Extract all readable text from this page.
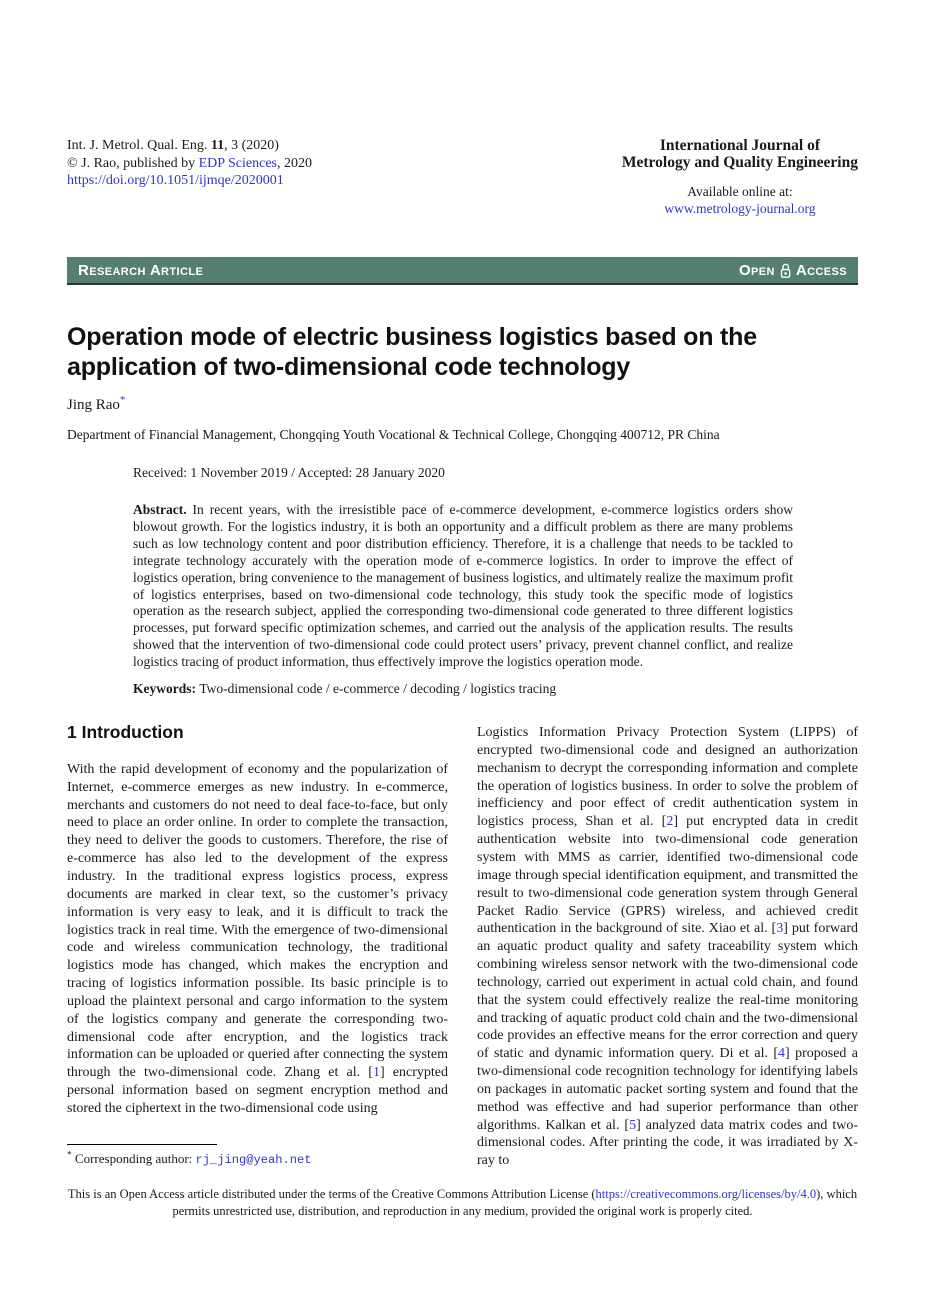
Int. J. Metrol. Qual. Eng. 11, 3 (2020)
© J. Rao, published by EDP Sciences, 2020
https://doi.org/10.1051/ijmqe/2020001
International Journal of
Metrology and Quality Engineering
Available online at:
www.metrology-journal.org
Research Article	Open Access
Operation mode of electric business logistics based on the application of two-dimensional code technology
Jing Rao*
Department of Financial Management, Chongqing Youth Vocational & Technical College, Chongqing 400712, PR China
Received: 1 November 2019 / Accepted: 28 January 2020
Abstract. In recent years, with the irresistible pace of e-commerce development, e-commerce logistics orders show blowout growth. For the logistics industry, it is both an opportunity and a difficult problem as there are many problems such as low technology content and poor distribution efficiency. Therefore, it is a challenge that needs to be tackled to integrate technology accurately with the operation mode of e-commerce logistics. In order to improve the effect of logistics operation, bring convenience to the management of business logistics, and ultimately realize the maximum profit of logistics enterprises, based on two-dimensional code technology, this study took the specific mode of logistics operation as the research subject, applied the corresponding two-dimensional code generated to three different logistics processes, put forward specific optimization schemes, and carried out the analysis of the application results. The results showed that the intervention of two-dimensional code could protect users’ privacy, prevent channel conflict, and realize logistics tracing of product information, thus effectively improve the logistics operation mode.
Keywords: Two-dimensional code / e-commerce / decoding / logistics tracing
1 Introduction
With the rapid development of economy and the popularization of Internet, e-commerce emerges as new industry. In e-commerce, merchants and customers do not need to deal face-to-face, but only need to place an order online. In order to complete the transaction, they need to deliver the goods to customers. Therefore, the rise of e-commerce has also led to the development of the express industry. In the traditional express logistics process, express documents are marked in clear text, so the customer’s privacy information is very easy to leak, and it is difficult to track the logistics track in real time. With the emergence of two-dimensional code and wireless communication technology, the traditional logistics mode has changed, which makes the encryption and tracing of logistics information possible. Its basic principle is to upload the plaintext personal and cargo information to the system of the logistics company and generate the corresponding two-dimensional code after encryption, and the logistics track information can be uploaded or queried after connecting the system through the two-dimensional code. Zhang et al. [1] encrypted personal information based on segment encryption method and stored the ciphertext in the two-dimensional code using
* Corresponding author: rj_jing@yeah.net
Logistics Information Privacy Protection System (LIPPS) of encrypted two-dimensional code and designed an authorization mechanism to decrypt the corresponding information and complete the operation of logistics business. In order to solve the problem of inefficiency and poor effect of credit authentication system in logistics process, Shan et al. [2] put encrypted data in credit authentication website into two-dimensional code generation system with MMS as carrier, identified two-dimensional code image through special identification equipment, and transmitted the result to two-dimensional code generation system through General Packet Radio Service (GPRS) wireless, and achieved credit authentication in the background of site. Xiao et al. [3] put forward an aquatic product quality and safety traceability system which combining wireless sensor network with the two-dimensional code technology, carried out experiment in actual cold chain, and found that the system could effectively realize the real-time monitoring and tracking of aquatic product cold chain and the two-dimensional code provides an effective means for the error correction and query of static and dynamic information query. Di et al. [4] proposed a two-dimensional code recognition technology for identifying labels on packages in automatic packet sorting system and found that the method was effective and had superior performance than other algorithms. Kalkan et al. [5] analyzed data matrix codes and two-dimensional codes. After printing the code, it was irradiated by X-ray to
This is an Open Access article distributed under the terms of the Creative Commons Attribution License (https://creativecommons.org/licenses/by/4.0), which permits unrestricted use, distribution, and reproduction in any medium, provided the original work is properly cited.
